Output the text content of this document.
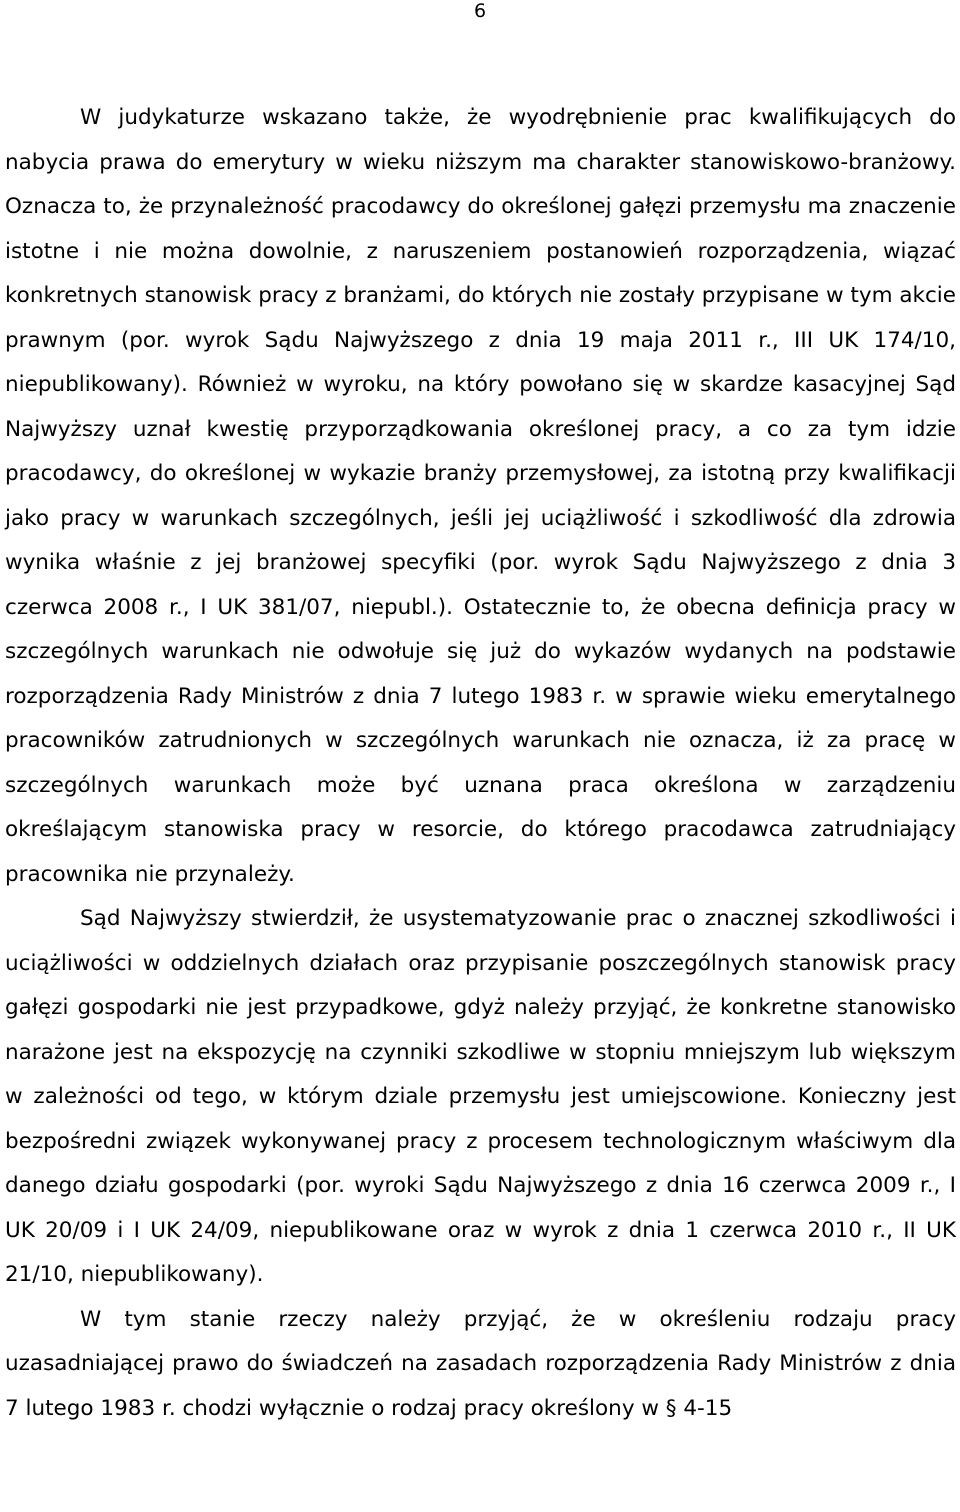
6

W judykaturze wskazano także, że wyodrębnienie prac kwalifikujących do nabycia prawa do emerytury w wieku niższym ma charakter stanowiskowo-branżowy. Oznacza to, że przynależność pracodawcy do określonej gałęzi przemysłu ma znaczenie istotne i nie można dowolnie, z naruszeniem postanowień rozporządzenia, wiązać konkretnych stanowisk pracy z branżami, do których nie zostały przypisane w tym akcie prawnym (por. wyrok Sądu Najwyższego z dnia 19 maja 2011 r., III UK 174/10, niepublikowany). Również w wyroku, na który powołano się w skardze kasacyjnej Sąd Najwyższy uznał kwestię przyporządkowania określonej pracy, a co za tym idzie pracodawcy, do określonej w wykazie branży przemysłowej, za istotną przy kwalifikacji jako pracy w warunkach szczególnych, jeśli jej uciążliwość i szkodliwość dla zdrowia wynika właśnie z jej branżowej specyfiki (por. wyrok Sądu Najwyższego z dnia 3 czerwca 2008 r., I UK 381/07, niepubl.). Ostatecznie to, że obecna definicja pracy w szczególnych warunkach nie odwołuje się już do wykazów wydanych na podstawie rozporządzenia Rady Ministrów z dnia 7 lutego 1983 r. w sprawie wieku emerytalnego pracowników zatrudnionych w szczególnych warunkach nie oznacza, iż za pracę w szczególnych warunkach może być uznana praca określona w zarządzeniu określającym stanowiska pracy w resorcie, do którego pracodawca zatrudniający pracownika nie przynależy.

Sąd Najwyższy stwierdził, że usystematyzowanie prac o znacznej szkodliwości i uciążliwości w oddzielnych działach oraz przypisanie poszczególnych stanowisk pracy gałęzi gospodarki nie jest przypadkowe, gdyż należy przyjąć, że konkretne stanowisko narażone jest na ekspozycję na czynniki szkodliwe w stopniu mniejszym lub większym w zależności od tego, w którym dziale przemysłu jest umiejscowione. Konieczny jest bezpośredni związek wykonywanej pracy z procesem technologicznym właściwym dla danego działu gospodarki (por. wyroki Sądu Najwyższego z dnia 16 czerwca 2009 r., I UK 20/09 i I UK 24/09, niepublikowane oraz w wyrok z dnia 1 czerwca 2010 r., II UK 21/10, niepublikowany).

W tym stanie rzeczy należy przyjąć, że w określeniu rodzaju pracy uzasadniającej prawo do świadczeń na zasadach rozporządzenia Rady Ministrów z dnia 7 lutego 1983 r. chodzi wyłącznie o rodzaj pracy określony w § 4-15
